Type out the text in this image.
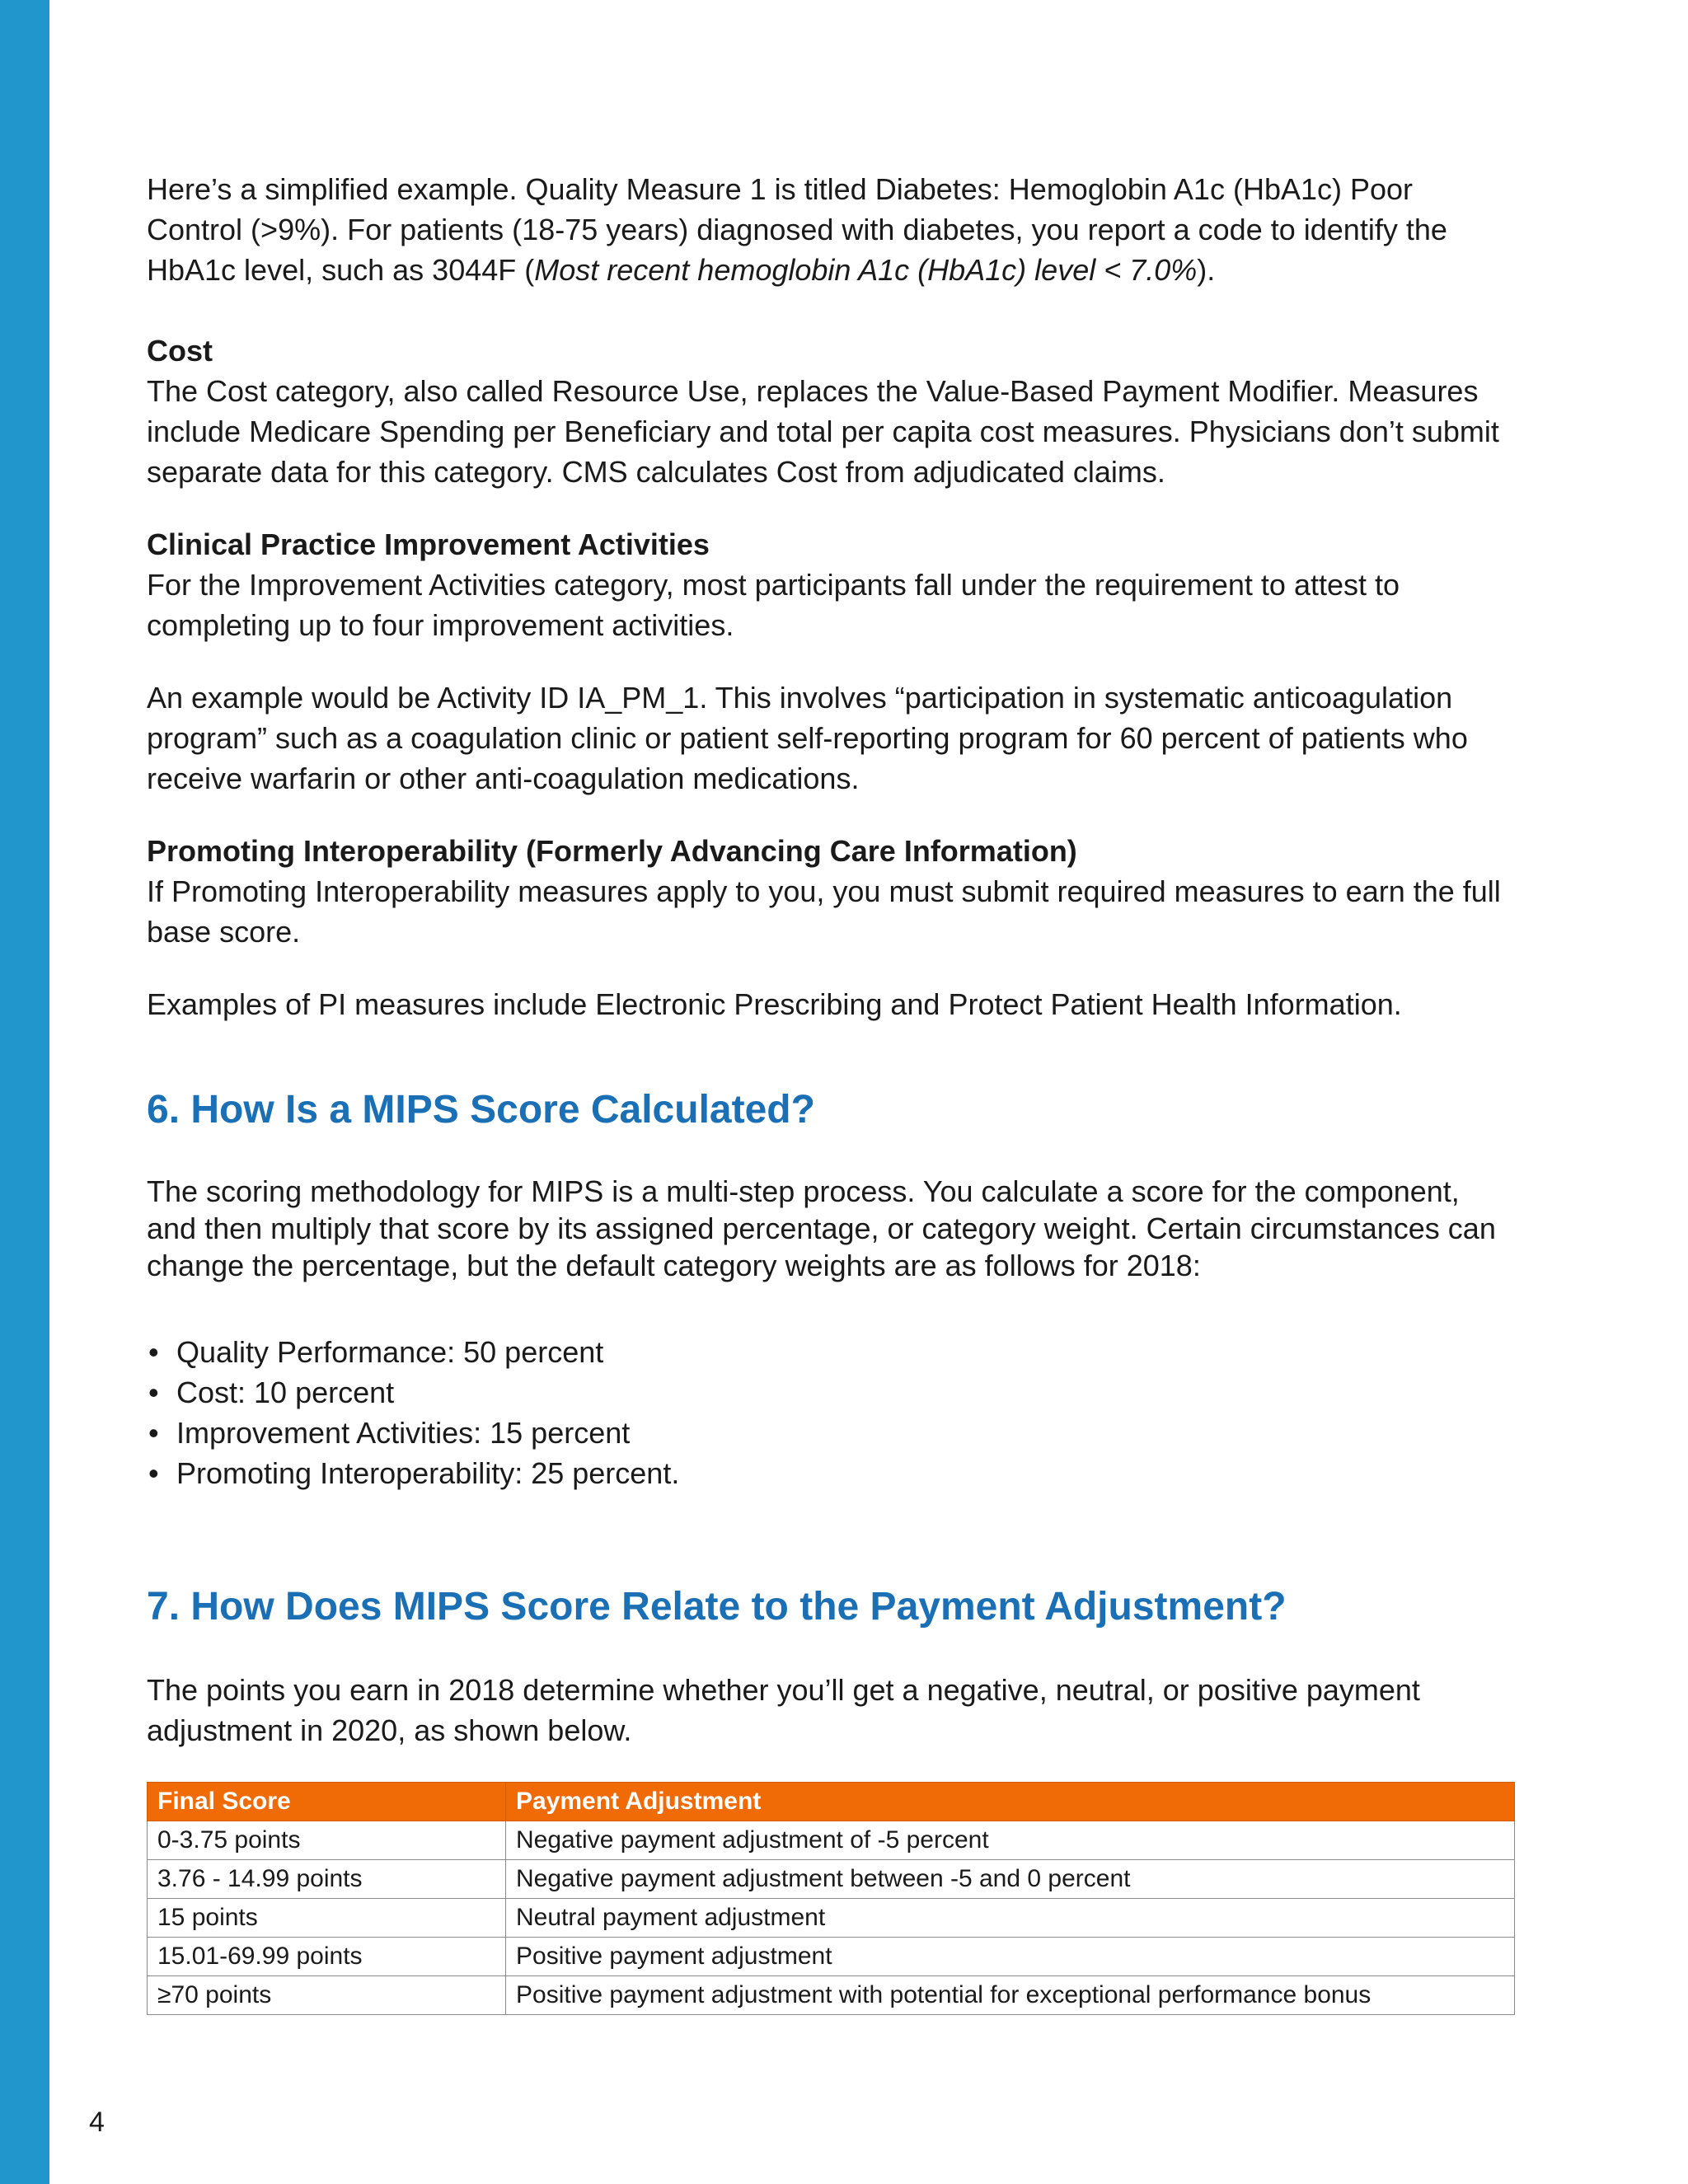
Here’s a simplified example. Quality Measure 1 is titled Diabetes: Hemoglobin A1c (HbA1c) Poor Control (>9%). For patients (18-75 years) diagnosed with diabetes, you report a code to identify the HbA1c level, such as 3044F (Most recent hemoglobin A1c (HbA1c) level < 7.0%).

Cost

The Cost category, also called Resource Use, replaces the Value-Based Payment Modifier. Measures include Medicare Spending per Beneficiary and total per capita cost measures. Physicians don’t submit separate data for this category. CMS calculates Cost from adjudicated claims.

Clinical Practice Improvement Activities

For the Improvement Activities category, most participants fall under the requirement to attest to completing up to four improvement activities.

An example would be Activity ID IA_PM_1. This involves “participation in systematic anticoagulation program” such as a coagulation clinic or patient self-reporting program for 60 percent of patients who receive warfarin or other anti-coagulation medications.

Promoting Interoperability (Formerly Advancing Care Information)

If Promoting Interoperability measures apply to you, you must submit required measures to earn the full base score.

Examples of PI measures include Electronic Prescribing and Protect Patient Health Information.

6. How Is a MIPS Score Calculated?

The scoring methodology for MIPS is a multi-step process. You calculate a score for the component, and then multiply that score by its assigned percentage, or category weight. Certain circumstances can change the percentage, but the default category weights are as follows for 2018:

• Quality Performance: 50 percent
• Cost: 10 percent
• Improvement Activities: 15 percent
• Promoting Interoperability: 25 percent.
7. How Does MIPS Score Relate to the Payment Adjustment?

The points you earn in 2018 determine whether you’ll get a negative, neutral, or positive payment adjustment in 2020, as shown below.

Final Score	Payment Adjustment
0-3.75 points	Negative payment adjustment of -5 percent
3.76 - 14.99 points	Negative payment adjustment between -5 and 0 percent
15 points	Neutral payment adjustment
15.01-69.99 points	Positive payment adjustment
≥70 points	Positive payment adjustment with potential for exceptional performance bonus
4
